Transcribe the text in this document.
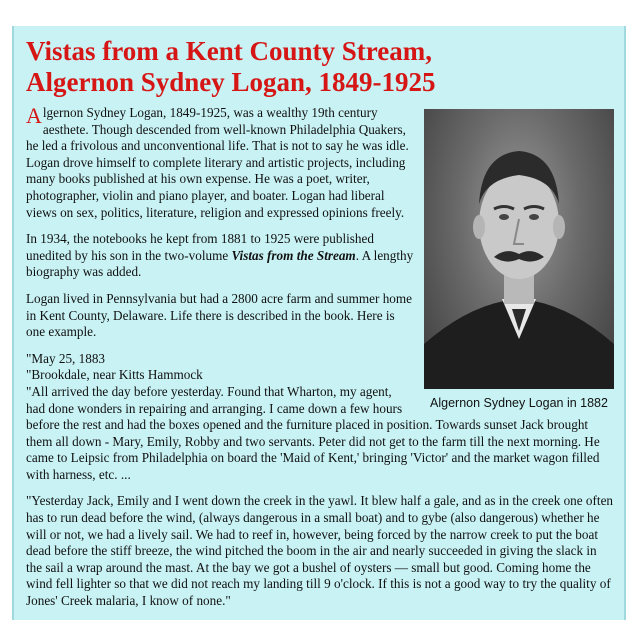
Vistas from a Kent County Stream,
Algernon Sydney Logan, 1849-1925
Algernon Sydney Logan in 1882

Algernon Sydney Logan, 1849-1925, was a wealthy 19th century aesthete. Though descended from well-known Philadelphia Quakers, he led a frivolous and unconventional life. That is not to say he was idle. Logan drove himself to complete literary and artistic projects, including many books published at his own expense. He was a poet, writer, photographer, violin and piano player, and boater. Logan had liberal views on sex, politics, literature, religion and expressed opinions freely.

In 1934, the notebooks he kept from 1881 to 1925 were published unedited by his son in the two-volume Vistas from the Stream. A lengthy biography was added.

Logan lived in Pennsylvania but had a 2800 acre farm and summer home in Kent County, Delaware. Life there is described in the book. Here is one example.

"May 25, 1883

"Brookdale, near Kitts Hammock

"All arrived the day before yesterday. Found that Wharton, my agent, had done wonders in repairing and arranging. I came down a few hours before the rest and had the boxes opened and the furniture placed in position. Towards sunset Jack brought them all down - Mary, Emily, Robby and two servants. Peter did not get to the farm till the next morning. He came to Leipsic from Philadelphia on board the 'Maid of Kent,' bringing 'Victor' and the market wagon filled with harness, etc. ...

"Yesterday Jack, Emily and I went down the creek in the yawl. It blew half a gale, and as in the creek one often has to run dead before the wind, (always dangerous in a small boat) and to gybe (also dangerous) whether he will or not, we had a lively sail. We had to reef in, however, being forced by the narrow creek to put the boat dead before the stiff breeze, the wind pitched the boom in the air and nearly succeeded in giving the slack in the sail a wrap around the mast. At the bay we got a bushel of oysters — small but good. Coming home the wind fell lighter so that we did not reach my landing till 9 o'clock. If this is not a good way to try the quality of Jones' Creek malaria, I know of none."
